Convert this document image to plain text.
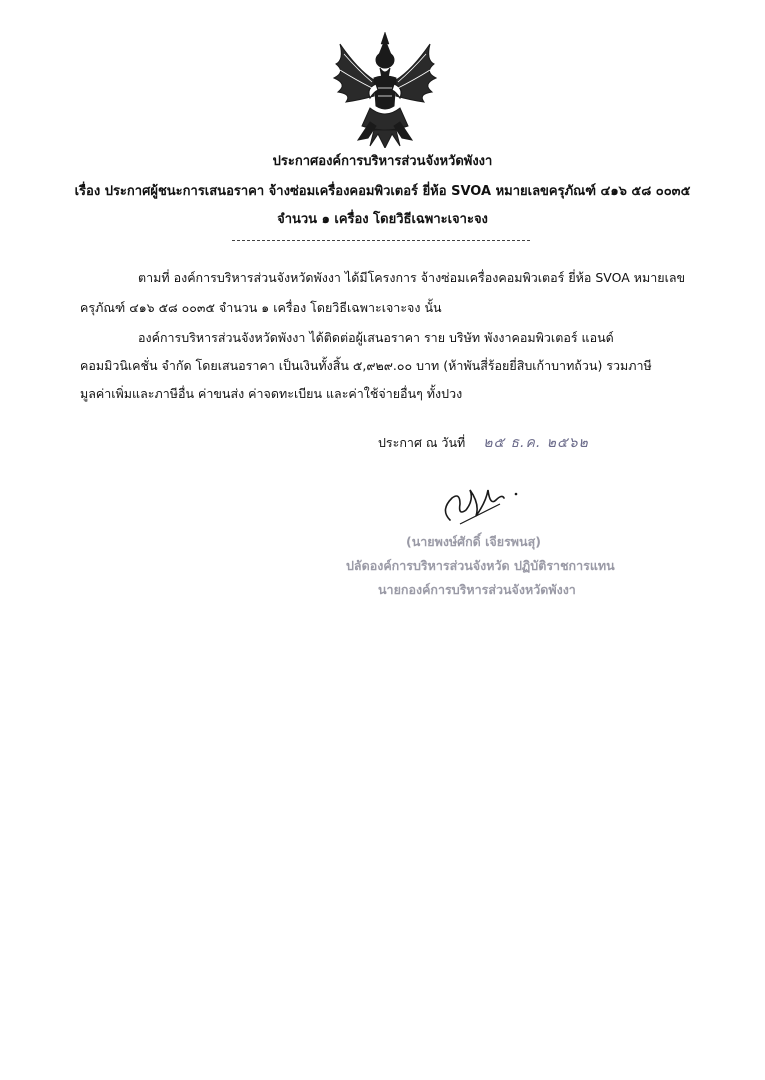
ประกาศองค์การบริหารส่วนจังหวัดพังงา
เรื่อง ประกาศผู้ชนะการเสนอราคา จ้างซ่อมเครื่องคอมพิวเตอร์ ยี่ห้อ SVOA หมายเลขครุภัณฑ์ ๔๑๖ ๕๘ ๐๐๓๕
จำนวน ๑ เครื่อง โดยวิธีเฉพาะเจาะจง
ตามที่ องค์การบริหารส่วนจังหวัดพังงา ได้มีโครงการ จ้างซ่อมเครื่องคอมพิวเตอร์ ยี่ห้อ SVOA หมายเลข
ครุภัณฑ์ ๔๑๖ ๕๘ ๐๐๓๕ จำนวน ๑ เครื่อง โดยวิธีเฉพาะเจาะจง นั้น
องค์การบริหารส่วนจังหวัดพังงา ได้ติดต่อผู้เสนอราคา ราย บริษัท พังงาคอมพิวเตอร์ แอนด์
คอมมิวนิเคชั่น จำกัด โดยเสนอราคา เป็นเงินทั้งสิ้น ๕,๙๒๙.๐๐ บาท (ห้าพันสี่ร้อยยี่สิบเก้าบาทถ้วน) รวมภาษี
มูลค่าเพิ่มและภาษีอื่น ค่าขนส่ง ค่าจดทะเบียน และค่าใช้จ่ายอื่นๆ ทั้งปวง
ประกาศ ณ วันที่ ๒๕ ธ.ค. ๒๕๖๒
(นายพงษ์ศักดิ์ เจียรพนสุ)
ปลัดองค์การบริหารส่วนจังหวัด ปฏิบัติราชการแทน
นายกองค์การบริหารส่วนจังหวัดพังงา
